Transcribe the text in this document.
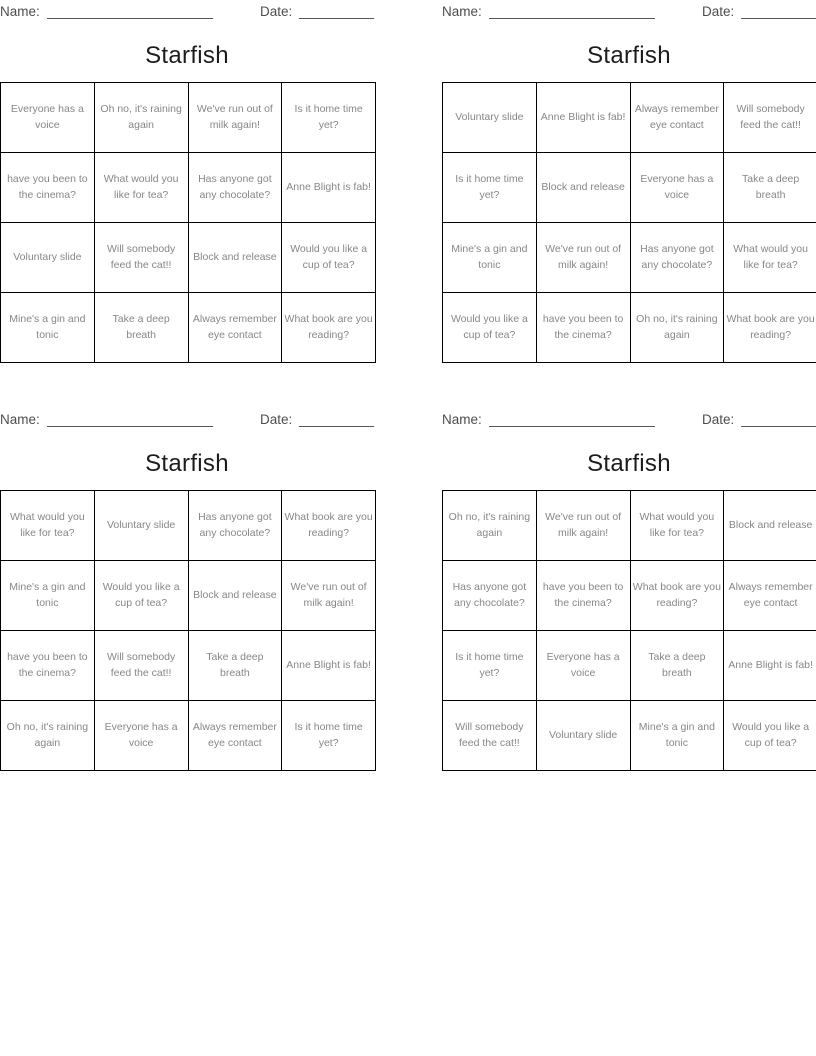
Name:	Date:
Starfish
Everyone has a voice	Oh no, it's raining again	We've run out of milk again!	Is it home time yet?
have you been to the cinema?	What would you like for tea?	Has anyone got any chocolate?	Anne Blight is fab!
Voluntary slide	Will somebody feed the cat!!	Block and release	Would you like a cup of tea?
Mine's a gin and tonic	Take a deep breath	Always remember eye contact	What book are you reading?
Name:	Date:
Starfish
Voluntary slide	Anne Blight is fab!	Always remember eye contact	Will somebody feed the cat!!
Is it home time yet?	Block and release	Everyone has a voice	Take a deep breath
Mine's a gin and tonic	We've run out of milk again!	Has anyone got any chocolate?	What would you like for tea?
Would you like a cup of tea?	have you been to the cinema?	Oh no, it's raining again	What book are you reading?
Name:	Date:
Starfish
What would you like for tea?	Voluntary slide	Has anyone got any chocolate?	What book are you reading?
Mine's a gin and tonic	Would you like a cup of tea?	Block and release	We've run out of milk again!
have you been to the cinema?	Will somebody feed the cat!!	Take a deep breath	Anne Blight is fab!
Oh no, it's raining again	Everyone has a voice	Always remember eye contact	Is it home time yet?
Name:	Date:
Starfish
Oh no, it's raining again	We've run out of milk again!	What would you like for tea?	Block and release
Has anyone got any chocolate?	have you been to the cinema?	What book are you reading?	Always remember eye contact
Is it home time yet?	Everyone has a voice	Take a deep breath	Anne Blight is fab!
Will somebody feed the cat!!	Voluntary slide	Mine's a gin and tonic	Would you like a cup of tea?
